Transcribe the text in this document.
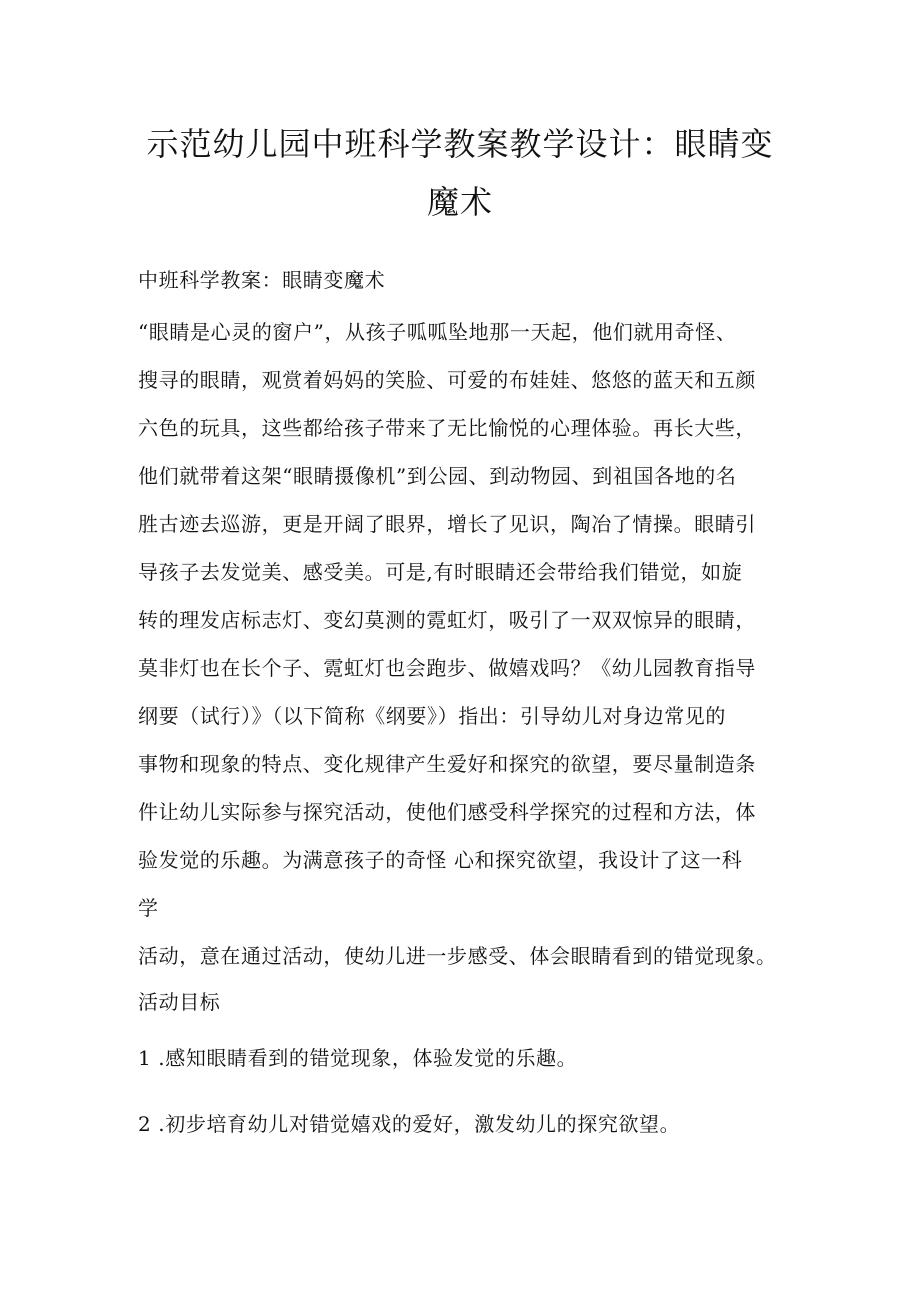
示范幼儿园中班科学教案教学设计：眼睛变
魔术
中班科学教案：眼睛变魔术
“眼睛是心灵的窗户”，从孩子呱呱坠地那一天起，他们就用奇怪、
搜寻的眼睛，观赏着妈妈的笑脸、可爱的布娃娃、悠悠的蓝天和五颜
六色的玩具，这些都给孩子带来了无比愉悦的心理体验。再长大些，
他们就带着这架“眼睛摄像机”到公园、到动物园、到祖国各地的名
胜古迹去巡游，更是开阔了眼界，增长了见识，陶冶了情操。眼睛引
导孩子去发觉美、感受美。可是,有时眼睛还会带给我们错觉，如旋
转的理发店标志灯、变幻莫测的霓虹灯，吸引了一双双惊异的眼睛，
莫非灯也在长个子、霓虹灯也会跑步、做嬉戏吗？《幼儿园教育指导
纲要（试行）》（以下简称《纲要》）指出：引导幼儿对身边常见的
事物和现象的特点、变化规律产生爱好和探究的欲望，要尽量制造条
件让幼儿实际参与探究活动，使他们感受科学探究的过程和方法，体
验发觉的乐趣。为满意孩子的奇怪 心和探究欲望，我设计了这一科
学
活动，意在通过活动，使幼儿进一步感受、体会眼睛看到的错觉现象。
活动目标
1 .感知眼睛看到的错觉现象，体验发觉的乐趣。
2 .初步培育幼儿对错觉嬉戏的爱好，激发幼儿的探究欲望。
